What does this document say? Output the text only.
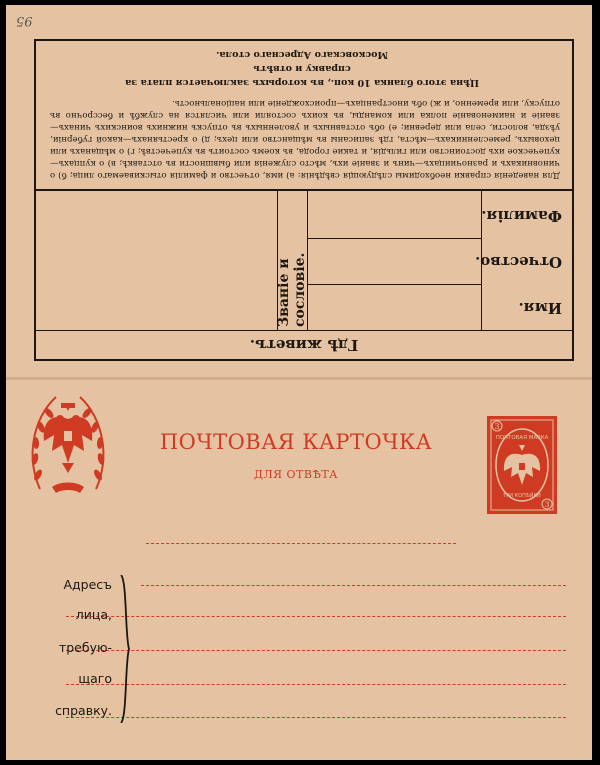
95
Гдѣ живетъ.
Имя.
Отчество.
Фамилія.
Званіе и сословіе.
Для наведенія справки необходимы слѣдующія свѣдѣнія: а) имя, отчество и фамилія отыскиваемаго лица; б) о чиновникахъ и разночинцахъ—чинъ и званіе ихъ, мѣсто служенія или бывшности въ отставкѣ; в) о купцахъ—купеческое ихъ достоинство или гильдія, и такие города, въ коемъ состоитъ въ купечествѣ; г) о мѣщанахъ или цеховыхъ, ремесленникахъ—мѣста, гдѣ записаны въ мѣщанство или цехъ; д) о крестьянахъ—какой губерніи, уѣзда, волости, села или деревни; е) объ отставныхъ и уволенныхъ въ отпускъ нижнихъ воинскихъ чинахъ—званіе и наименованіе полка или команды, въ коихъ состояли или числятся на службѣ и бессрочно въ отпуску, или временно, и ж) объ иностранцахъ—происхожденіе или національность.
Цѣна этого бланка 10 коп., въ которыхъ заключается плата за справку и отвѣтъ
Московскаго Адреснаго стола.
ПОЧТОВАЯ КАРТОЧКА
ДЛЯ ОТВѢТА
3
3
ПОЧТОВАЯ МАРКА
ТРИ КОПѢЙКИ
Адресъ
лица,
требую-
щаго
справку.
